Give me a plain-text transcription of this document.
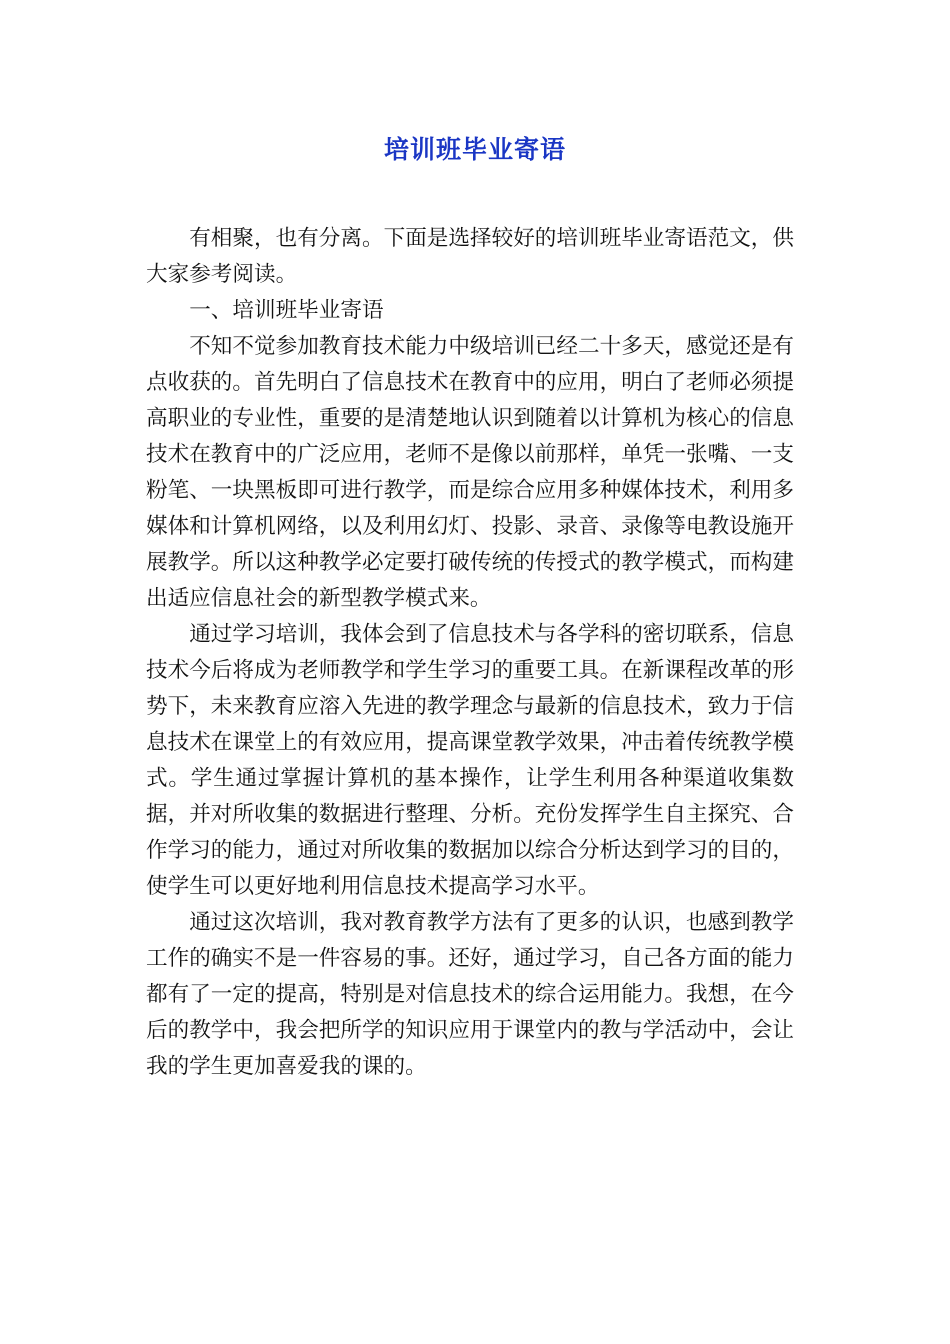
培训班毕业寄语

有相聚，也有分离。下面是选择较好的培训班毕业寄语范文，供大家参考阅读。

一、培训班毕业寄语

不知不觉参加教育技术能力中级培训已经二十多天，感觉还是有点收获的。首先明白了信息技术在教育中的应用，明白了老师必须提高职业的专业性，重要的是清楚地认识到随着以计算机为核心的信息技术在教育中的广泛应用，老师不是像以前那样，单凭一张嘴、一支粉笔、一块黑板即可进行教学，而是综合应用多种媒体技术，利用多媒体和计算机网络，以及利用幻灯、投影、录音、录像等电教设施开展教学。所以这种教学必定要打破传统的传授式的教学模式，而构建出适应信息社会的新型教学模式来。

通过学习培训，我体会到了信息技术与各学科的密切联系，信息技术今后将成为老师教学和学生学习的重要工具。在新课程改革的形势下，未来教育应溶入先进的教学理念与最新的信息技术，致力于信息技术在课堂上的有效应用，提高课堂教学效果，冲击着传统教学模式。学生通过掌握计算机的基本操作，让学生利用各种渠道收集数据，并对所收集的数据进行整理、分析。充份发挥学生自主探究、合作学习的能力，通过对所收集的数据加以综合分析达到学习的目的，使学生可以更好地利用信息技术提高学习水平。

通过这次培训，我对教育教学方法有了更多的认识，也感到教学工作的确实不是一件容易的事。还好，通过学习，自己各方面的能力都有了一定的提高，特别是对信息技术的综合运用能力。我想，在今后的教学中，我会把所学的知识应用于课堂内的教与学活动中，会让我的学生更加喜爱我的课的。
